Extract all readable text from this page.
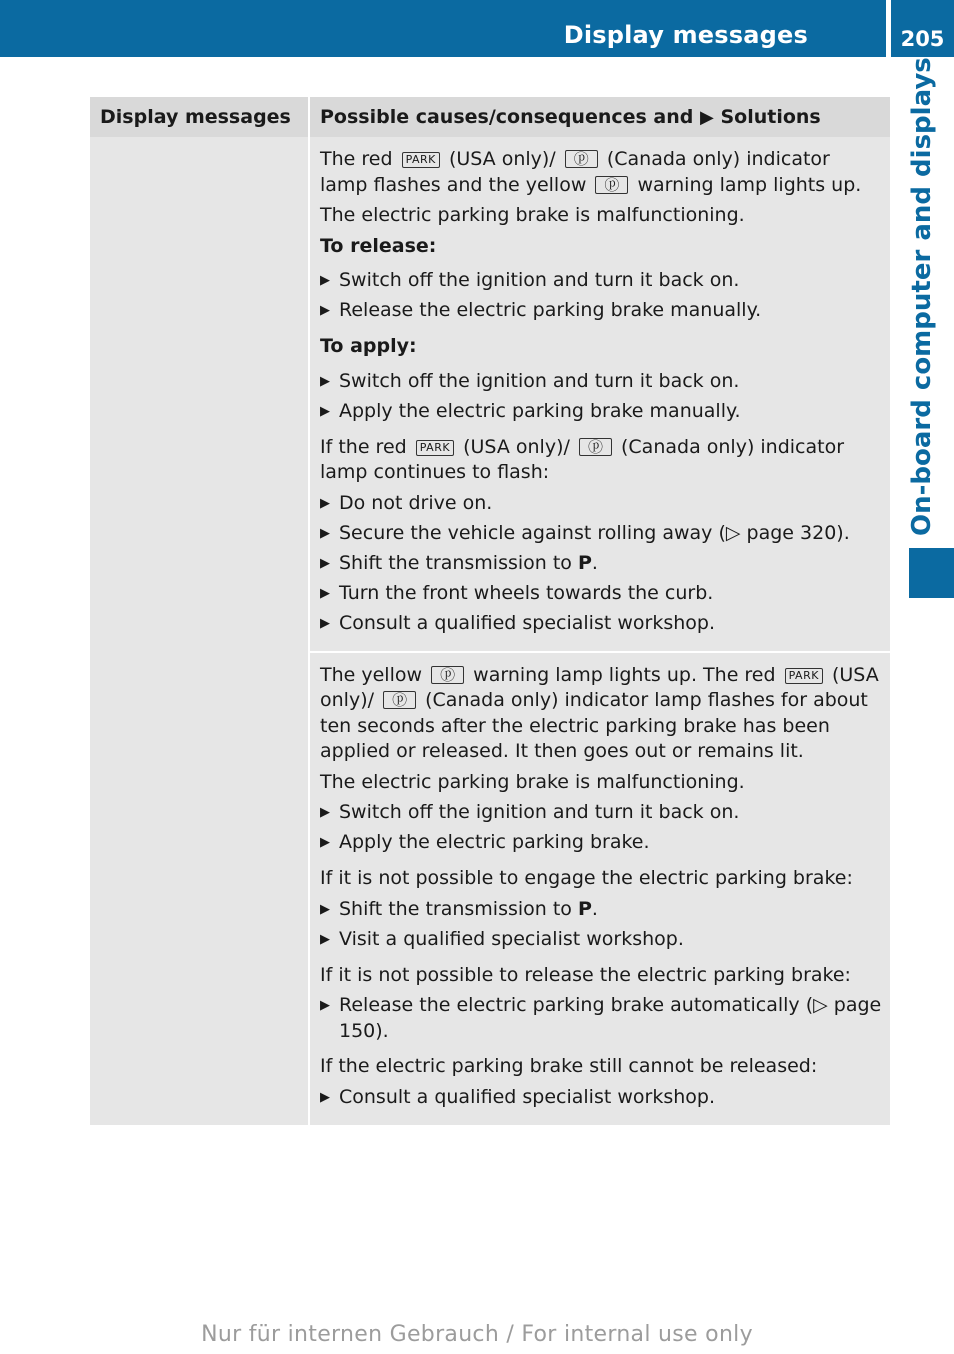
Display messages	205
On-board computer and displays
Display messages	Possible causes/consequences and ▶ Solutions
The red PARK (USA only)/ ⓟ (Canada only) indicator lamp flashes and the yellow ⓟ warning lamp lights up.
The electric parking brake is malfunctioning.
To release:
▶ Switch off the ignition and turn it back on.
▶ Release the electric parking brake manually.
To apply:
▶ Switch off the ignition and turn it back on.
▶ Apply the electric parking brake manually.
If the red PARK (USA only)/ ⓟ (Canada only) indicator lamp continues to flash:
▶ Do not drive on.
▶ Secure the vehicle against rolling away (▷ page 320).
▶ Shift the transmission to P.
▶ Turn the front wheels towards the curb.
▶ Consult a qualified specialist workshop.
The yellow ⓟ warning lamp lights up. The red PARK (USA only)/ ⓟ (Canada only) indicator lamp flashes for about ten seconds after the electric parking brake has been applied or released. It then goes out or remains lit.
The electric parking brake is malfunctioning.
▶ Switch off the ignition and turn it back on.
▶ Apply the electric parking brake.
If it is not possible to engage the electric parking brake:
▶ Shift the transmission to P.
▶ Visit a qualified specialist workshop.
If it is not possible to release the electric parking brake:
▶ Release the electric parking brake automatically (▷ page 150).
If the electric parking brake still cannot be released:
▶ Consult a qualified specialist workshop.
Nur für internen Gebrauch / For internal use only
